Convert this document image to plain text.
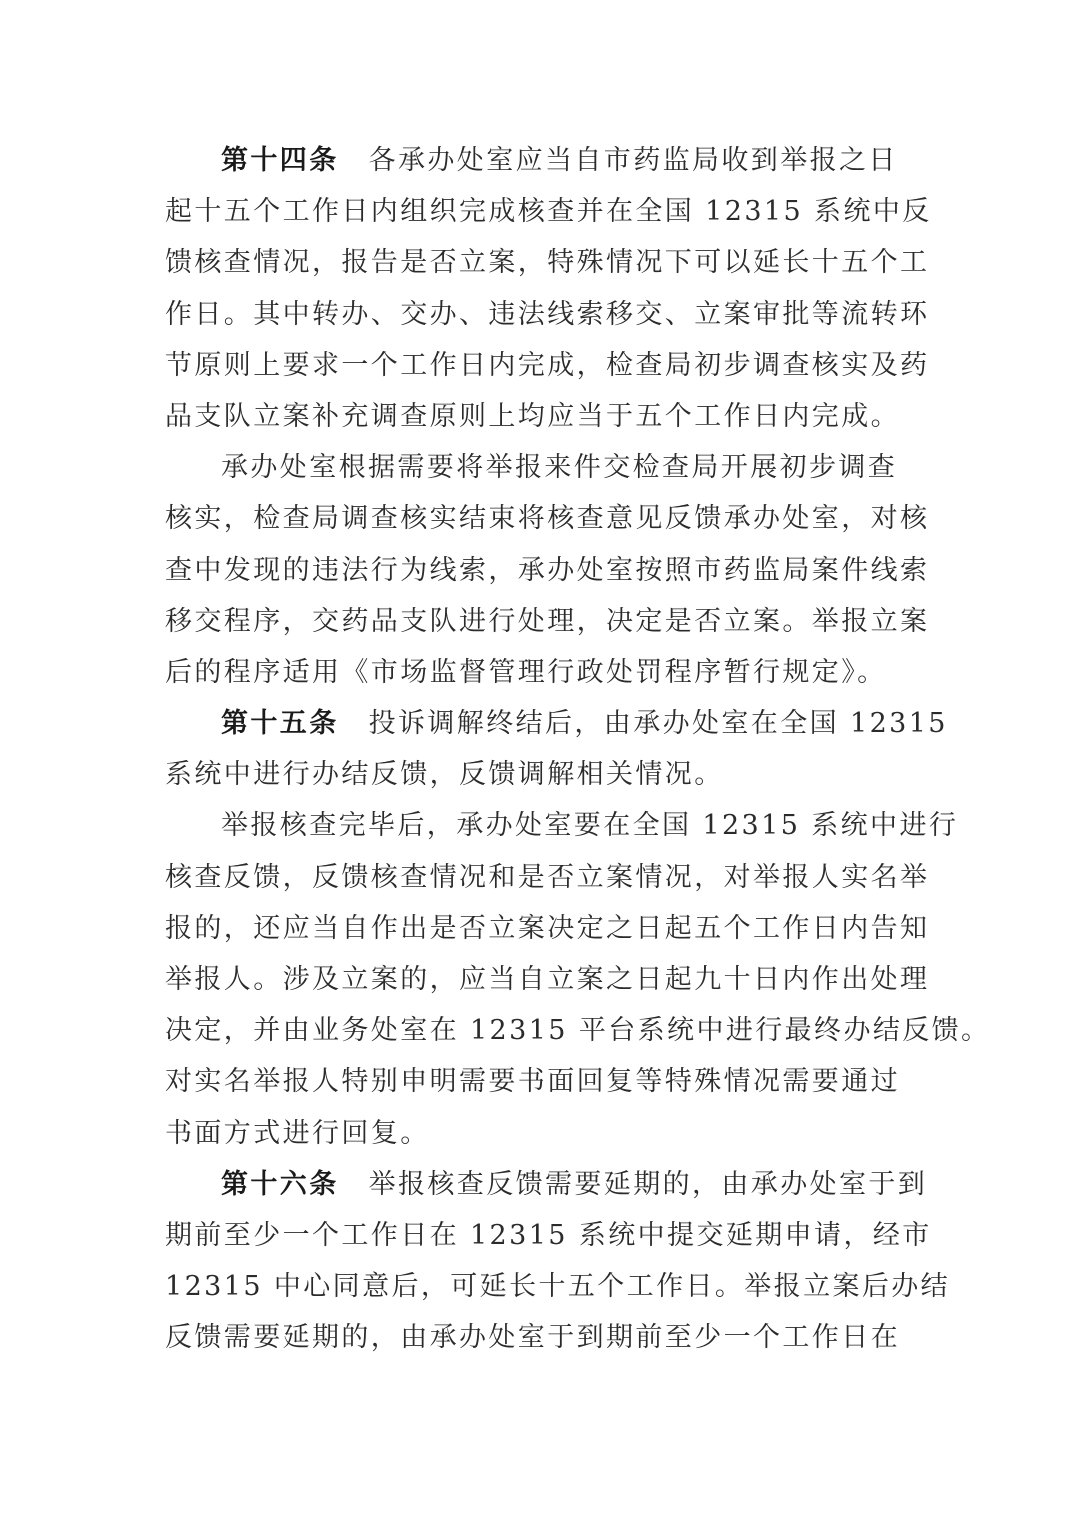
第十四条 各承办处室应当自市药监局收到举报之日
起十五个工作日内组织完成核查并在全国 12315 系统中反
馈核查情况，报告是否立案，特殊情况下可以延长十五个工
作日。其中转办、交办、违法线索移交、立案审批等流转环
节原则上要求一个工作日内完成，检查局初步调查核实及药
品支队立案补充调查原则上均应当于五个工作日内完成。
承办处室根据需要将举报来件交检查局开展初步调查
核实，检查局调查核实结束将核查意见反馈承办处室，对核
查中发现的违法行为线索，承办处室按照市药监局案件线索
移交程序，交药品支队进行处理，决定是否立案。举报立案
后的程序适用《市场监督管理行政处罚程序暂行规定》。
第十五条 投诉调解终结后，由承办处室在全国 12315
系统中进行办结反馈，反馈调解相关情况。
举报核查完毕后，承办处室要在全国 12315 系统中进行
核查反馈，反馈核查情况和是否立案情况，对举报人实名举
报的，还应当自作出是否立案决定之日起五个工作日内告知
举报人。涉及立案的，应当自立案之日起九十日内作出处理
决定，并由业务处室在 12315 平台系统中进行最终办结反馈。
对实名举报人特别申明需要书面回复等特殊情况需要通过
书面方式进行回复。
第十六条 举报核查反馈需要延期的，由承办处室于到
期前至少一个工作日在 12315 系统中提交延期申请，经市
12315 中心同意后，可延长十五个工作日。举报立案后办结
反馈需要延期的，由承办处室于到期前至少一个工作日在
